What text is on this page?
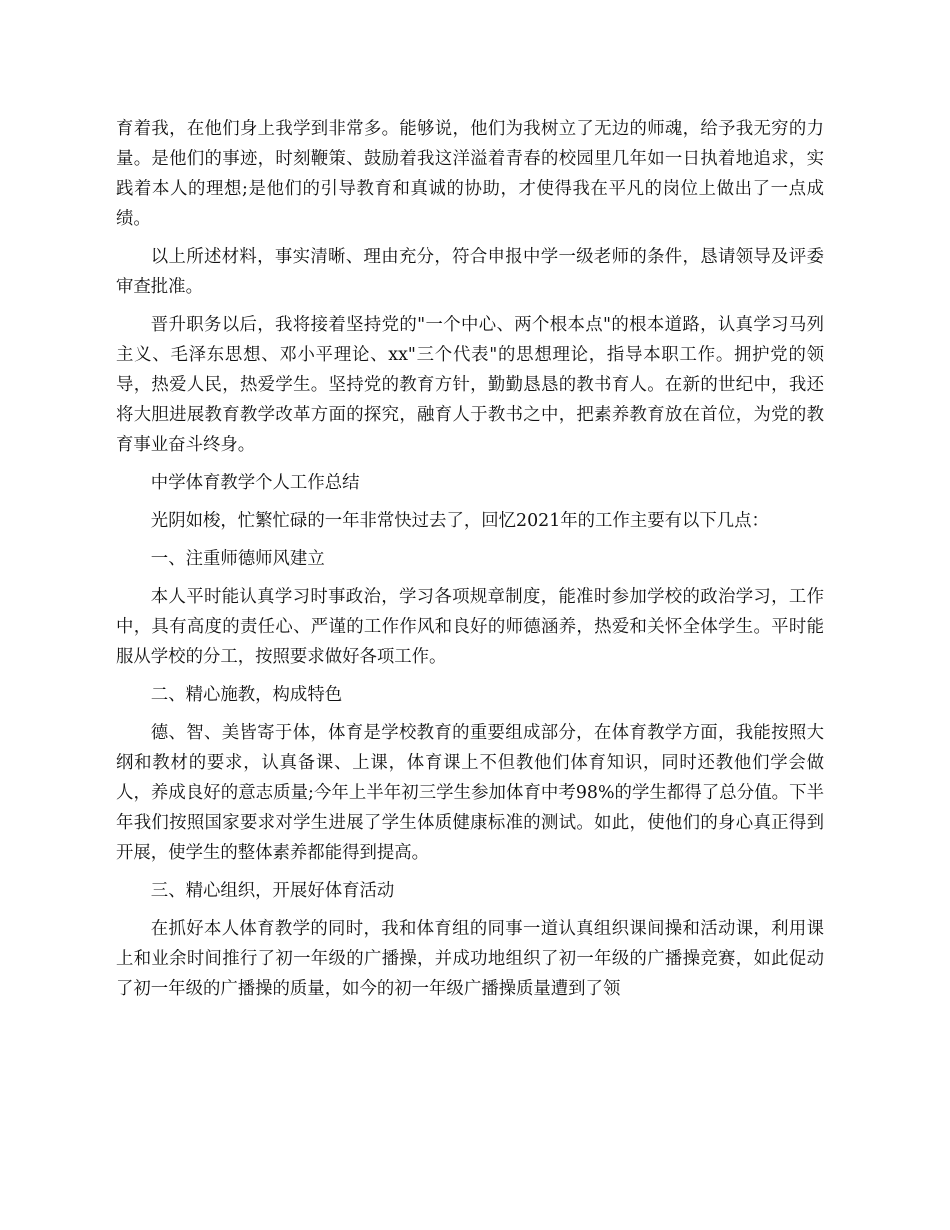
育着我，在他们身上我学到非常多。能够说，他们为我树立了无边的师魂，给予我无穷的力量。是他们的事迹，时刻鞭策、鼓励着我这洋溢着青春的校园里几年如一日执着地追求，实践着本人的理想;是他们的引导教育和真诚的协助，才使得我在平凡的岗位上做出了一点成绩。

以上所述材料，事实清晰、理由充分，符合申报中学一级老师的条件，恳请领导及评委审查批准。

晋升职务以后，我将接着坚持党的"一个中心、两个根本点"的根本道路，认真学习马列主义、毛泽东思想、邓小平理论、xx"三个代表"的思想理论，指导本职工作。拥护党的领导，热爱人民，热爱学生。坚持党的教育方针，勤勤恳恳的教书育人。在新的世纪中，我还将大胆进展教育教学改革方面的探究，融育人于教书之中，把素养教育放在首位，为党的教育事业奋斗终身。

中学体育教学个人工作总结

光阴如梭，忙繁忙碌的一年非常快过去了，回忆2021年的工作主要有以下几点：

一、注重师德师风建立

本人平时能认真学习时事政治，学习各项规章制度，能准时参加学校的政治学习，工作中，具有高度的责任心、严谨的工作作风和良好的师德涵养，热爱和关怀全体学生。平时能服从学校的分工，按照要求做好各项工作。

二、精心施教，构成特色

德、智、美皆寄于体，体育是学校教育的重要组成部分，在体育教学方面，我能按照大纲和教材的要求，认真备课、上课，体育课上不但教他们体育知识，同时还教他们学会做人，养成良好的意志质量;今年上半年初三学生参加体育中考98%的学生都得了总分值。下半年我们按照国家要求对学生进展了学生体质健康标准的测试。如此，使他们的身心真正得到开展，使学生的整体素养都能得到提高。

三、精心组织，开展好体育活动

在抓好本人体育教学的同时，我和体育组的同事一道认真组织课间操和活动课，利用课上和业余时间推行了初一年级的广播操，并成功地组织了初一年级的广播操竞赛，如此促动了初一年级的广播操的质量，如今的初一年级广播操质量遭到了领
